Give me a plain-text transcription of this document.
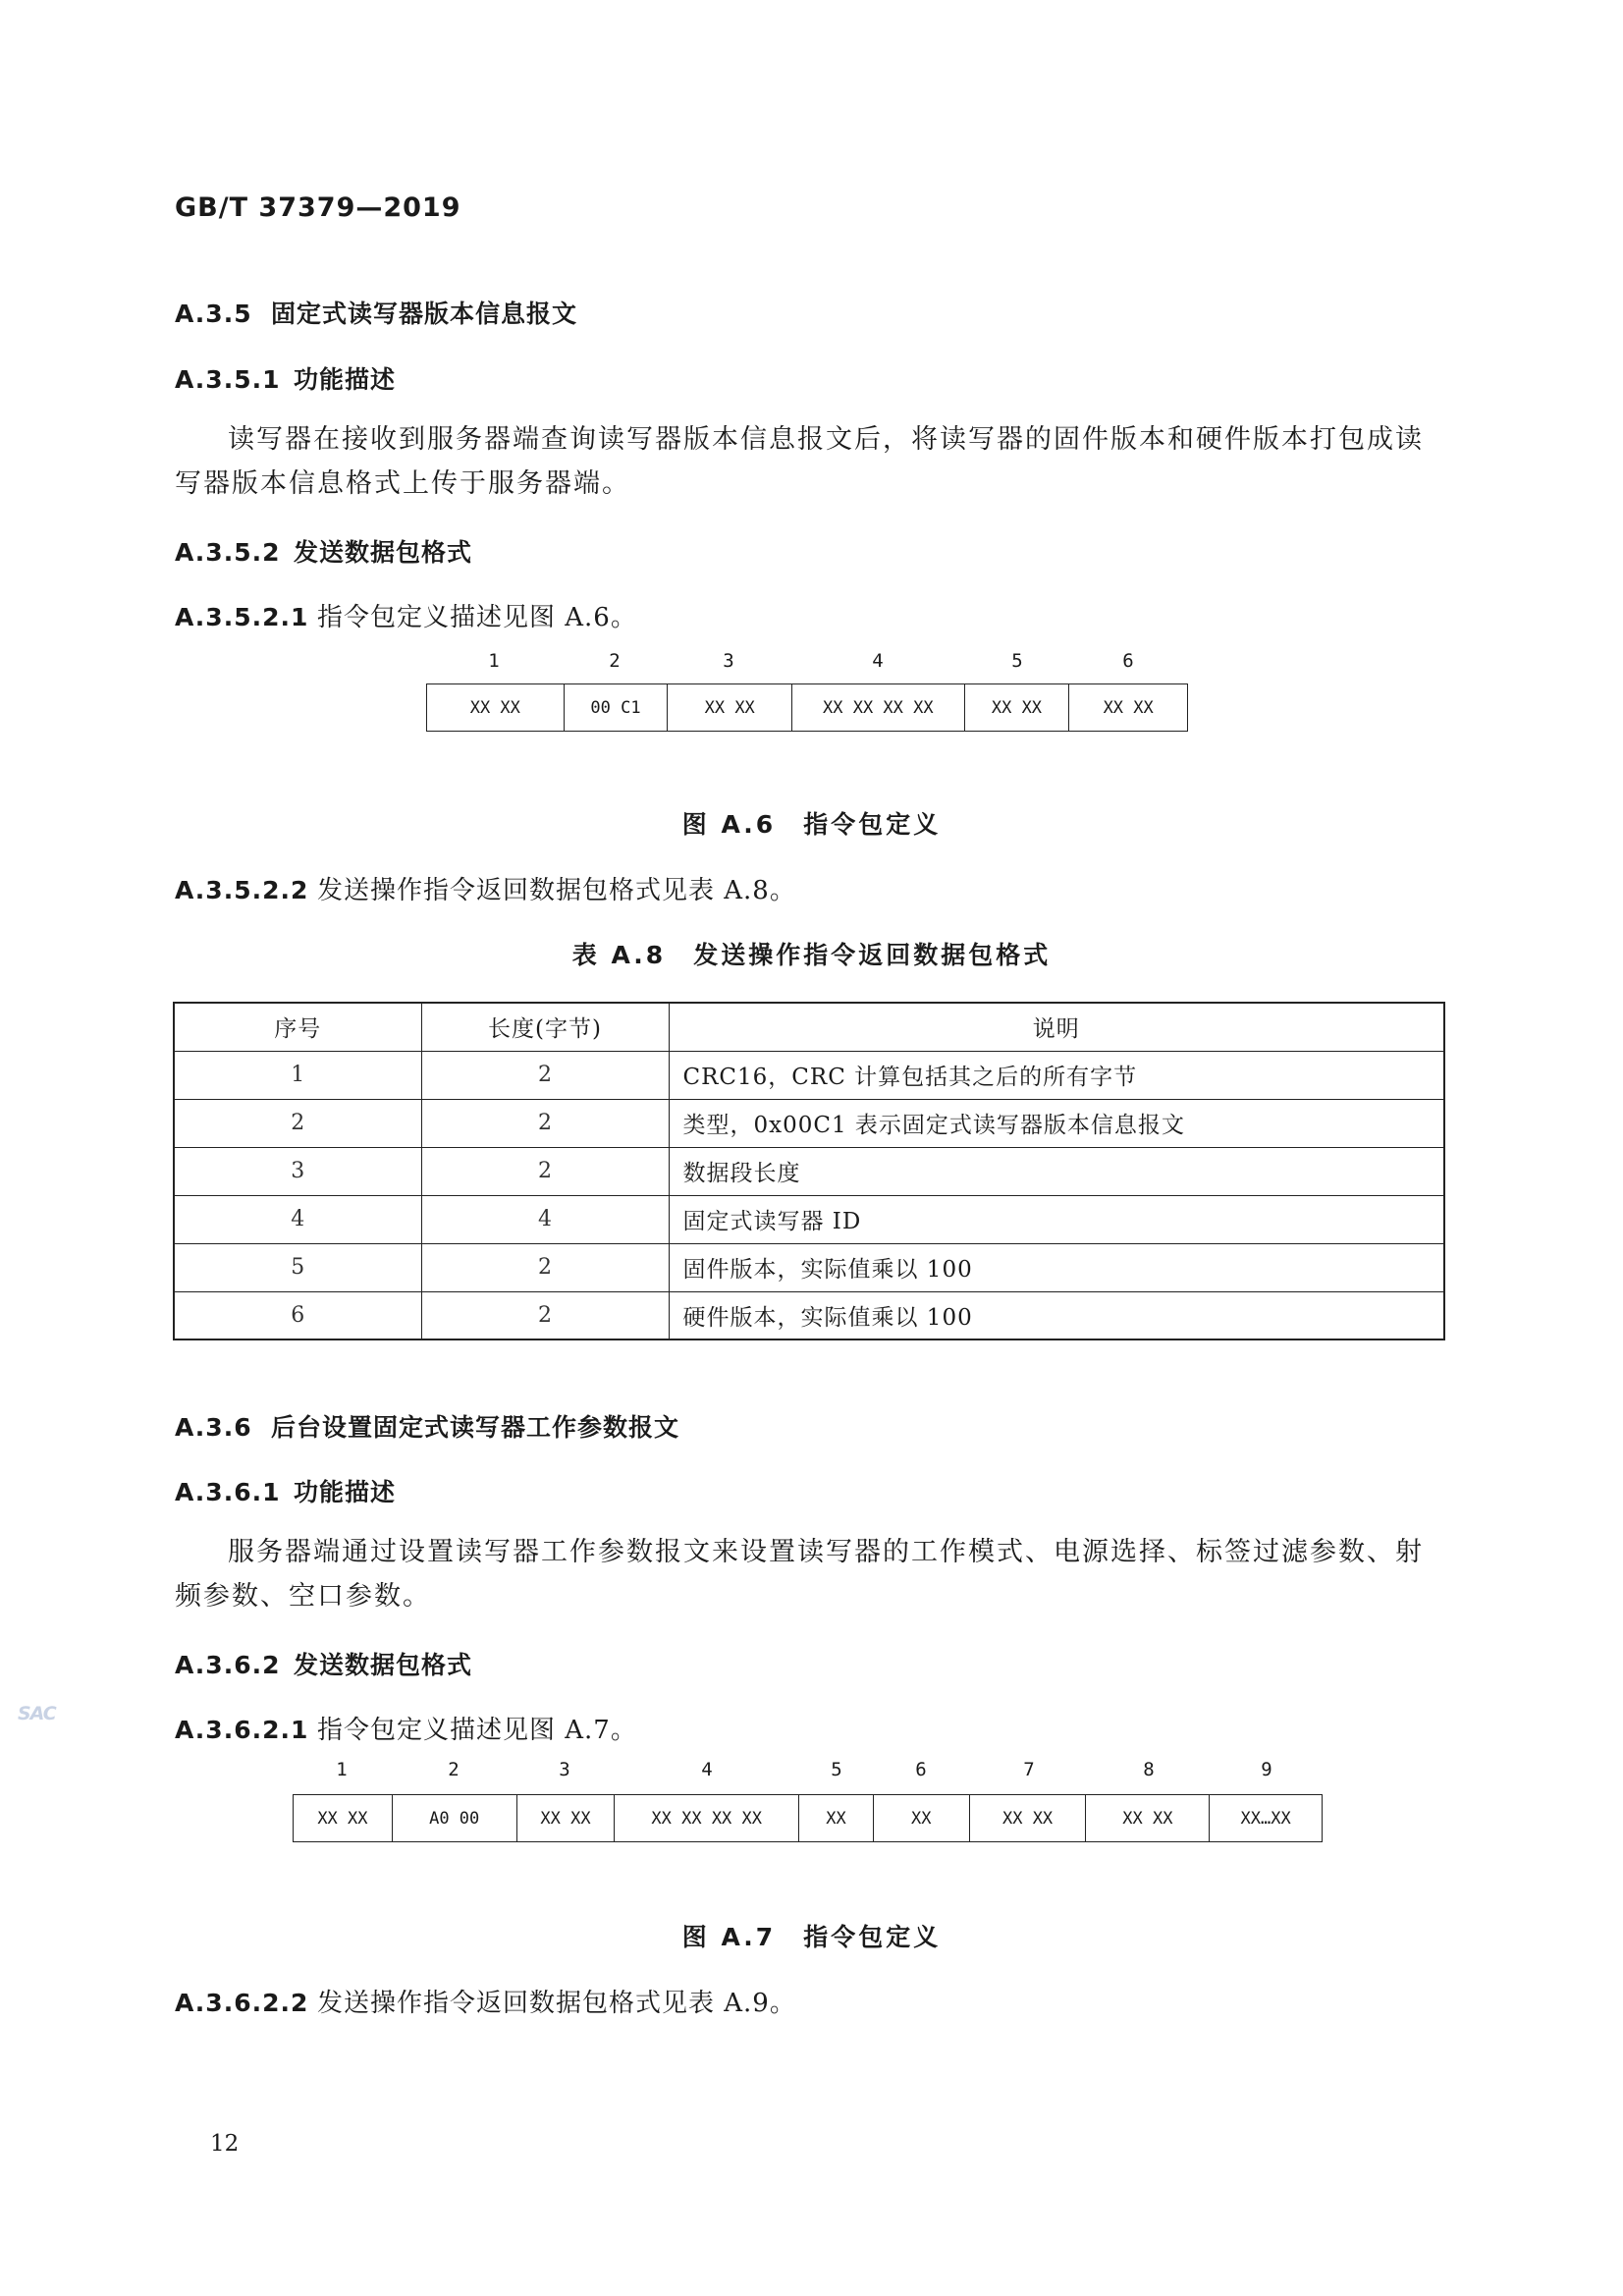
GB/T 37379—2019
A.3.5 固定式读写器版本信息报文
A.3.5.1 功能描述
读写器在接收到服务器端查询读写器版本信息报文后，将读写器的固件版本和硬件版本打包成读写器版本信息格式上传于服务器端。
A.3.5.2 发送数据包格式
A.3.5.2.1 指令包定义描述见图 A.6。
1	2	3	4	5	6
XX XX	00 C1	XX XX	XX XX XX XX	XX XX	XX XX
图 A.6　指令包定义
A.3.5.2.2 发送操作指令返回数据包格式见表 A.8。
表 A.8　发送操作指令返回数据包格式
序号	长度(字节)	说明
1	2	CRC16，CRC 计算包括其之后的所有字节
2	2	类型，0x00C1 表示固定式读写器版本信息报文
3	2	数据段长度
4	4	固定式读写器 ID
5	2	固件版本，实际值乘以 100
6	2	硬件版本，实际值乘以 100
A.3.6 后台设置固定式读写器工作参数报文
A.3.6.1 功能描述
服务器端通过设置读写器工作参数报文来设置读写器的工作模式、电源选择、标签过滤参数、射频参数、空口参数。
A.3.6.2 发送数据包格式
A.3.6.2.1 指令包定义描述见图 A.7。
1	2	3	4	5	6	7	8	9
XX XX	A0 00	XX XX	XX XX XX XX	XX	XX	XX XX	XX XX	XX…XX
图 A.7　指令包定义
A.3.6.2.2 发送操作指令返回数据包格式见表 A.9。
12
SAC
